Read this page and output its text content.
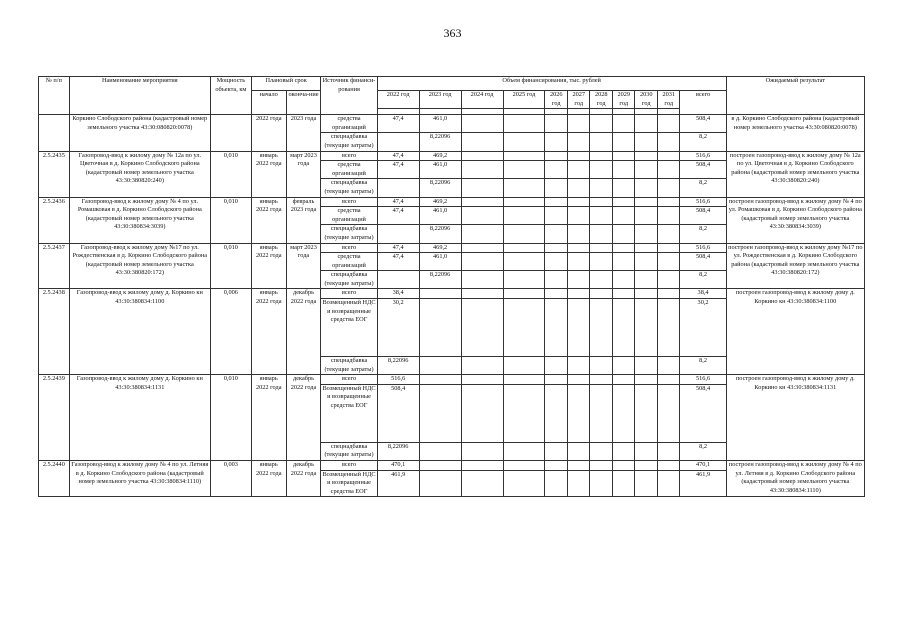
363
№ п/п	Наименование мероприятия	Мощность объекта, км	Плановый срок		Источник финанси-рования	Объем финансирования, тыс. рублей											Ожидаемый результат
			начало	оконча-ние		2022 год	2023 год	2024 год	2025 год	2026 год	2027 год	2028 год	2029 год	2030 год	2031 год	всего	

	Коркино Слободского района (кадастровый номер земельного участка 43:30:080820:0078)		2022 года	2023 года	средства организаций	47,4	461,0									508,4	в д. Коркино Слободского района (кадастровый номер земельного участка 43:30:080820:0078)
					спецнадбавка (текущие затраты)		8,22096									8,2	
2.5.2435	Газопровод-ввод к жилому дому № 12а по ул. Цветочная в д. Коркино Слободского района (кадастровый номер земельного участка 43:30:380820:240)	0,010	январь 2022 года	март 2023 года	всего	47,4	469,2									516,6	построен газопровод-ввод к жилому дому № 12а по ул. Цветочная в д. Коркино Слободского района (кадастровый номер земельного участка 43:30:380820:240)
					средства организаций	47,4	461,0									508,4	
					спецнадбавка (текущие затраты)		8,22096									8,2	
2.5.2436	Газопровод-ввод к жилому дому № 4 по ул. Ромашковая в д. Коркино Слободского района (кадастровый номер земельного участка 43:30:380834:3039)	0,010	январь 2022 года	февраль 2023 года	всего	47,4	469,2									516,6	построен газопровод-ввод к жилому дому № 4 по ул. Ромашковая в д. Коркино Слободского района (кадастровый номер земельного участка 43:30:380834:3039)
					средства организаций	47,4	461,0									508,4	
					спецнадбавка (текущие затраты)		8,22096									8,2	
2.5.2437	Газопровод-ввод к жилому дому №17 по ул. Рождественская в д. Коркино Слободского района (кадастровый номер земельного участка 43:30:380820:172)	0,010	январь 2022 года	март 2023 года	всего	47,4	469,2									516,6	построен газопровод-ввод к жилому дому №17 по ул. Рождественская в д. Коркино Слободского района (кадастровый номер земельного участка 43:30:380820:172)
					средства организаций	47,4	461,0									508,4	
					спецнадбавка (текущие затраты)		8,22096									8,2	
2.5.2438	Газопровод-ввод к жилому дому д. Коркино кн 43:30:380834:1100	0,006	январь 2022 года	декабрь 2022 года	всего	38,4										38,4	построен газопровод-ввод к жилому дому д. Коркино кн 43:30:380834:1100
					Возмещенный НДС и возвращенные средства ЕОГ	30,2										30,2	
					спецнадбавка (текущие затраты)	8,22096										8,2	
2.5.2439	Газопровод-ввод к жилому дому д. Коркино кн 43:30:380834:1131	0,010	январь 2022 года	декабрь 2022 года	всего	516,6										516,6	построен газопровод-ввод к жилому дому д. Коркино кн 43:30:380834:1131
					Возмещенный НДС и возвращенные средства ЕОГ	508,4										508,4	
					спецнадбавка (текущие затраты)	8,22096										8,2	
2.5.2440	Газопровод-ввод к жилому дому № 4 по ул. Летняя в д. Коркино Слободского района (кадастровый номер земельного участка 43:30:380834:1110)	0,003	январь 2022 года	декабрь 2022 года	всего	470,1										470,1	построен газопровод-ввод к жилому дому № 4 по ул. Летняя в д. Коркино Слободского района (кадастровый номер земельного участка 43:30:380834:1110)
					Возмещенный НДС и возвращенные средства ЕОГ	461,9										461,9	
